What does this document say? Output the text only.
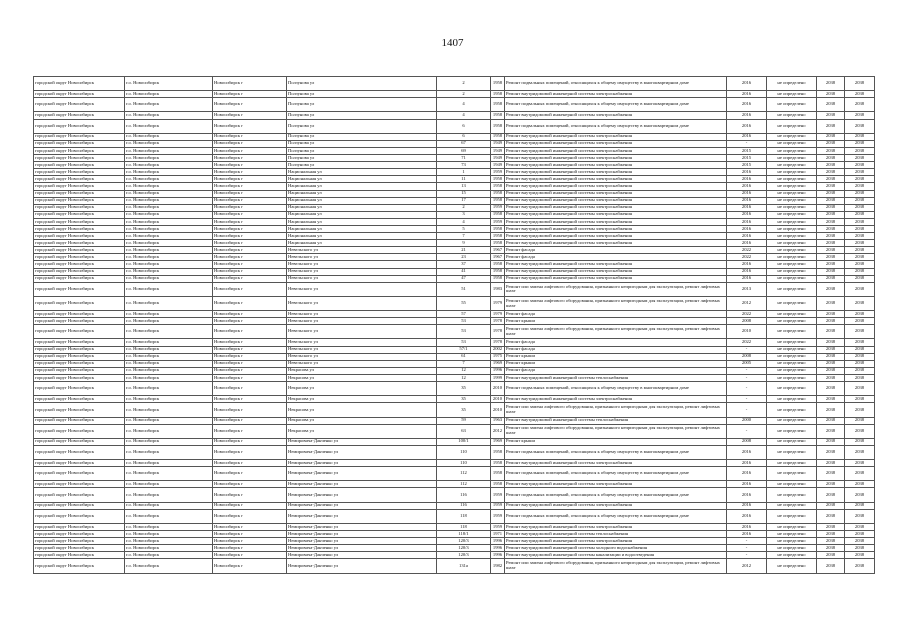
1407
городской округ Новосибирск	г.о. Новосибирск	Новосибирск г	Ползунова ул	2	1958	Ремонт подвальных помещений, относящихся к общему имуществу в многоквартирном доме	2016	не определено	2038	2038
городской округ Новосибирск	г.о. Новосибирск	Новосибирск г	Ползунова ул	2	1958	Ремонт внутридомовой инженерной системы электроснабжения	2016	не определено	2038	2038
городской округ Новосибирск	г.о. Новосибирск	Новосибирск г	Ползунова ул	4	1958	Ремонт подвальных помещений, относящихся к общему имуществу в многоквартирном доме	2016	не определено	2038	2038
городской округ Новосибирск	г.о. Новосибирск	Новосибирск г	Ползунова ул	4	1958	Ремонт внутридомовой инженерной системы электроснабжения	2016	не определено	2038	2038
городской округ Новосибирск	г.о. Новосибирск	Новосибирск г	Ползунова ул	6	1958	Ремонт подвальных помещений, относящихся к общему имуществу в многоквартирном доме	2016	не определено	2038	2038
городской округ Новосибирск	г.о. Новосибирск	Новосибирск г	Ползунова ул	6	1958	Ремонт внутридомовой инженерной системы электроснабжения	2016	не определено	2038	2038
городской округ Новосибирск	г.о. Новосибирск	Новосибирск г	Ползунова ул	67	1949	Ремонт внутридомовой инженерной системы электроснабжения	-	не определено	2038	2038
городской округ Новосибирск	г.о. Новосибирск	Новосибирск г	Ползунова ул	69	1949	Ремонт внутридомовой инженерной системы электроснабжения	2015	не определено	2038	2038
городской округ Новосибирск	г.о. Новосибирск	Новосибирск г	Ползунова ул	71	1949	Ремонт внутридомовой инженерной системы электроснабжения	2015	не определено	2038	2038
городской округ Новосибирск	г.о. Новосибирск	Новосибирск г	Ползунова ул	73	1949	Ремонт внутридомовой инженерной системы электроснабжения	2015	не определено	2038	2038
городской округ Новосибирск	г.о. Новосибирск	Новосибирск г	Национальная ул	1	1959	Ремонт внутридомовой инженерной системы электроснабжения	2016	не определено	2038	2038
городской округ Новосибирск	г.о. Новосибирск	Новосибирск г	Национальная ул	11	1958	Ремонт внутридомовой инженерной системы электроснабжения	2016	не определено	2038	2038
городской округ Новосибирск	г.о. Новосибирск	Новосибирск г	Национальная ул	13	1958	Ремонт внутридомовой инженерной системы электроснабжения	2016	не определено	2038	2038
городской округ Новосибирск	г.о. Новосибирск	Новосибирск г	Национальная ул	15	1958	Ремонт внутридомовой инженерной системы электроснабжения	2016	не определено	2038	2038
городской округ Новосибирск	г.о. Новосибирск	Новосибирск г	Национальная ул	17	1958	Ремонт внутридомовой инженерной системы электроснабжения	2016	не определено	2038	2038
городской округ Новосибирск	г.о. Новосибирск	Новосибирск г	Национальная ул	2	1959	Ремонт внутридомовой инженерной системы электроснабжения	2016	не определено	2038	2038
городской округ Новосибирск	г.о. Новосибирск	Новосибирск г	Национальная ул	3	1958	Ремонт внутридомовой инженерной системы электроснабжения	2016	не определено	2038	2038
городской округ Новосибирск	г.о. Новосибирск	Новосибирск г	Национальная ул	4	1959	Ремонт внутридомовой инженерной системы электроснабжения	2016	не определено	2038	2038
городской округ Новосибирск	г.о. Новосибирск	Новосибирск г	Национальная ул	5	1958	Ремонт внутридомовой инженерной системы электроснабжения	2016	не определено	2038	2038
городской округ Новосибирск	г.о. Новосибирск	Новосибирск г	Национальная ул	7	1958	Ремонт внутридомовой инженерной системы электроснабжения	2016	не определено	2038	2038
городской округ Новосибирск	г.о. Новосибирск	Новосибирск г	Национальная ул	9	1958	Ремонт внутридомовой инженерной системы электроснабжения	2016	не определено	2038	2038
городской округ Новосибирск	г.о. Новосибирск	Новосибирск г	Невельского ул	21	1967	Ремонт фасада	2022	не определено	2038	2038
городской округ Новосибирск	г.о. Новосибирск	Новосибирск г	Невельского ул	23	1967	Ремонт фасада	2022	не определено	2038	2038
городской округ Новосибирск	г.о. Новосибирск	Новосибирск г	Невельского ул	37	1958	Ремонт внутридомовой инженерной системы электроснабжения	2016	не определено	2038	2038
городской округ Новосибирск	г.о. Новосибирск	Новосибирск г	Невельского ул	41	1958	Ремонт внутридомовой инженерной системы электроснабжения	2016	не определено	2038	2038
городской округ Новосибирск	г.о. Новосибирск	Новосибирск г	Невельского ул	47	1958	Ремонт внутридомовой инженерной системы электроснабжения	2016	не определено	2038	2038
городской округ Новосибирск	г.о. Новосибирск	Новосибирск г	Невельского ул	51	1983	Ремонт или замена лифтового оборудования, признанного непригодным для эксплуатации, ремонт лифтовых шахт	2013	не определено	2038	2038
городской округ Новосибирск	г.о. Новосибирск	Новосибирск г	Невельского ул	55	1979	Ремонт или замена лифтового оборудования, признанного непригодным для эксплуатации, ремонт лифтовых шахт	2012	не определено	2038	2038
городской округ Новосибирск	г.о. Новосибирск	Новосибирск г	Невельского ул	57	1979	Ремонт фасада	2022	не определено	2038	2038
городской округ Новосибирск	г.о. Новосибирск	Новосибирск г	Невельского ул	53	1978	Ремонт крыши	2008	не определено	2038	2038
городской округ Новосибирск	г.о. Новосибирск	Новосибирск г	Невельского ул	53	1978	Ремонт или замена лифтового оборудования, признанного непригодным для эксплуатации, ремонт лифтовых шахт	2010	не определено	2038	2038
городской округ Новосибирск	г.о. Новосибирск	Новосибирск г	Невельского ул	53	1978	Ремонт фасада	2022	не определено	2038	2038
городской округ Новосибирск	г.о. Новосибирск	Новосибирск г	Невельского ул	57/1	2002	Ремонт фасада	-	не определено	2038	2038
городской округ Новосибирск	г.о. Новосибирск	Новосибирск г	Невельского ул	61	1975	Ремонт крыши	2008	не определено	2038	2038
городской округ Новосибирск	г.о. Новосибирск	Новосибирск г	Невельского ул	7	1969	Ремонт крыши	2005	не определено	2038	2038
городской округ Новосибирск	г.о. Новосибирск	Новосибирск г	Некрасова ул	12	1996	Ремонт фасада	-	не определено	2038	2038
городской округ Новосибирск	г.о. Новосибирск	Новосибирск г	Некрасова ул	12	1999	Ремонт внутридомовой инженерной системы теплоснабжения	-	не определено	2038	2038
городской округ Новосибирск	г.о. Новосибирск	Новосибирск г	Некрасова ул	35	2010	Ремонт подвальных помещений, относящихся к общему имуществу в многоквартирном доме	-	не определено	2038	2038
городской округ Новосибирск	г.о. Новосибирск	Новосибирск г	Некрасова ул	35	2010	Ремонт внутридомовой инженерной системы электроснабжения	-	не определено	2038	2038
городской округ Новосибирск	г.о. Новосибирск	Новосибирск г	Некрасова ул	35	2010	Ремонт или замена лифтового оборудования, признанного непригодным для эксплуатации, ремонт лифтовых шахт	-	не определено	2038	2038
городской округ Новосибирск	г.о. Новосибирск	Новосибирск г	Некрасова ул	59	1963	Ремонт внутридомовой инженерной системы теплоснабжения	2000	не определено	2038	2038
городской округ Новосибирск	г.о. Новосибирск	Новосибирск г	Некрасова ул	63	2012	Ремонт или замена лифтового оборудования, признанного непригодным для эксплуатации, ремонт лифтовых шахт	-	не определено	2038	2038
городской округ Новосибирск	г.о. Новосибирск	Новосибирск г	Немировича-Данченко ул	100/1	1969	Ремонт крыши	2008	не определено	2038	2038
городской округ Новосибирск	г.о. Новосибирск	Новосибирск г	Немировича-Данченко ул	110	1958	Ремонт подвальных помещений, относящихся к общему имуществу в многоквартирном доме	2016	не определено	2038	2038
городской округ Новосибирск	г.о. Новосибирск	Новосибирск г	Немировича-Данченко ул	110	1958	Ремонт внутридомовой инженерной системы электроснабжения	2016	не определено	2038	2038
городской округ Новосибирск	г.о. Новосибирск	Новосибирск г	Немировича-Данченко ул	112	1958	Ремонт подвальных помещений, относящихся к общему имуществу в многоквартирном доме	2016	не определено	2038	2038
городской округ Новосибирск	г.о. Новосибирск	Новосибирск г	Немировича-Данченко ул	112	1958	Ремонт внутридомовой инженерной системы электроснабжения	2016	не определено	2038	2038
городской округ Новосибирск	г.о. Новосибирск	Новосибирск г	Немировича-Данченко ул	116	1959	Ремонт подвальных помещений, относящихся к общему имуществу в многоквартирном доме	2016	не определено	2038	2038
городской округ Новосибирск	г.о. Новосибирск	Новосибирск г	Немировича-Данченко ул	116	1959	Ремонт внутридомовой инженерной системы электроснабжения	2016	не определено	2038	2038
городской округ Новосибирск	г.о. Новосибирск	Новосибирск г	Немировича-Данченко ул	118	1959	Ремонт подвальных помещений, относящихся к общему имуществу в многоквартирном доме	2016	не определено	2038	2038
городской округ Новосибирск	г.о. Новосибирск	Новосибирск г	Немировича-Данченко ул	118	1959	Ремонт внутридомовой инженерной системы электроснабжения	2016	не определено	2038	2038
городской округ Новосибирск	г.о. Новосибирск	Новосибирск г	Немировича-Данченко ул	118/1	1971	Ремонт внутридомовой инженерной системы теплоснабжения	2016	не определено	2038	2038
городской округ Новосибирск	г.о. Новосибирск	Новосибирск г	Немировича-Данченко ул	120/3	1996	Ремонт внутридомовой инженерной системы электроснабжения	-	не определено	2038	2038
городской округ Новосибирск	г.о. Новосибирск	Новосибирск г	Немировича-Данченко ул	120/3	1996	Ремонт внутридомовой инженерной системы холодного водоснабжения	-	не определено	2038	2038
городской округ Новосибирск	г.о. Новосибирск	Новосибирск г	Немировича-Данченко ул	120/3	1996	Ремонт внутридомовой инженерной системы канализации и водоотведения	-	не определено	2038	2038
городской округ Новосибирск	г.о. Новосибирск	Новосибирск г	Немировича-Данченко ул	131а	1982	Ремонт или замена лифтового оборудования, признанного непригодным для эксплуатации, ремонт лифтовых шахт	2012	не определено	2038	2038
